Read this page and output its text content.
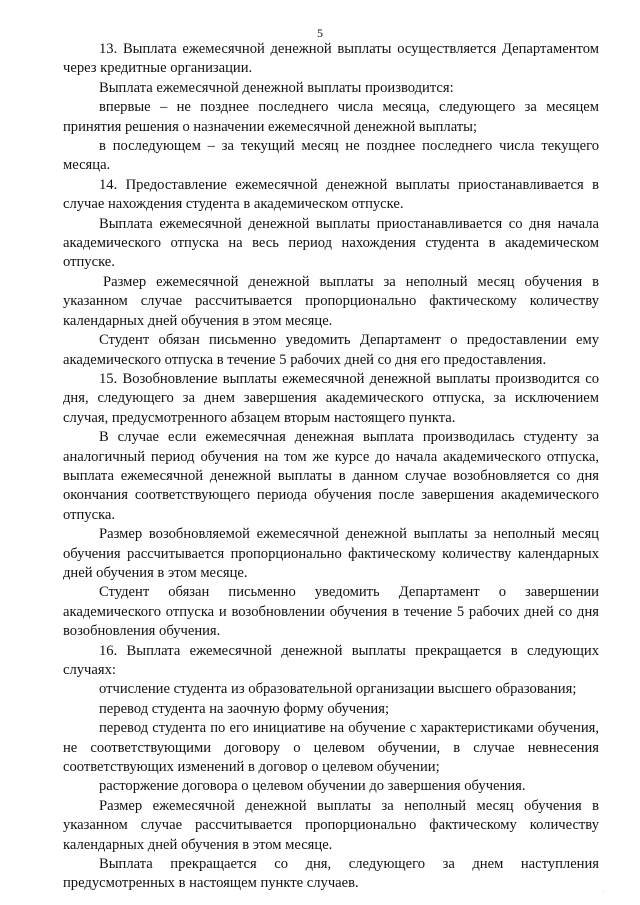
5

13. Выплата ежемесячной денежной выплаты осуществляется Департаментом через кредитные организации.

Выплата ежемесячной денежной выплаты производится:

впервые – не позднее последнего числа месяца, следующего за месяцем принятия решения о назначении ежемесячной денежной выплаты;

в последующем – за текущий месяц не позднее последнего числа текущего месяца.

14. Предоставление ежемесячной денежной выплаты приостанавливается в случае нахождения студента в академическом отпуске.

Выплата ежемесячной денежной выплаты приостанавливается со дня начала академического отпуска на весь период нахождения студента в академическом отпуске.

Размер ежемесячной денежной выплаты за неполный месяц обучения в указанном случае рассчитывается пропорционально фактическому количеству календарных дней обучения в этом месяце.

Студент обязан письменно уведомить Департамент о предоставлении ему академического отпуска в течение 5 рабочих дней со дня его предоставления.

15. Возобновление выплаты ежемесячной денежной выплаты производится со дня, следующего за днем завершения академического отпуска, за исключением случая, предусмотренного абзацем вторым настоящего пункта.

В случае если ежемесячная денежная выплата производилась студенту за аналогичный период обучения на том же курсе до начала академического отпуска, выплата ежемесячной денежной выплаты в данном случае возобновляется со дня окончания соответствующего периода обучения после завершения академического отпуска.

Размер возобновляемой ежемесячной денежной выплаты за неполный месяц обучения рассчитывается пропорционально фактическому количеству календарных дней обучения в этом месяце.

Студент обязан письменно уведомить Департамент о завершении академического отпуска и возобновлении обучения в течение 5 рабочих дней со дня возобновления обучения.

16. Выплата ежемесячной денежной выплаты прекращается в следующих случаях:

отчисление студента из образовательной организации высшего образования;

перевод студента на заочную форму обучения;

перевод студента по его инициативе на обучение с характеристиками обучения, не соответствующими договору о целевом обучении, в случае невнесения соответствующих изменений в договор о целевом обучении;

расторжение договора о целевом обучении до завершения обучения.

Размер ежемесячной денежной выплаты за неполный месяц обучения в указанном случае рассчитывается пропорционально фактическому количеству календарных дней обучения в этом месяце.

Выплата прекращается со дня, следующего за днем наступления предусмотренных в настоящем пункте случаев.

·
